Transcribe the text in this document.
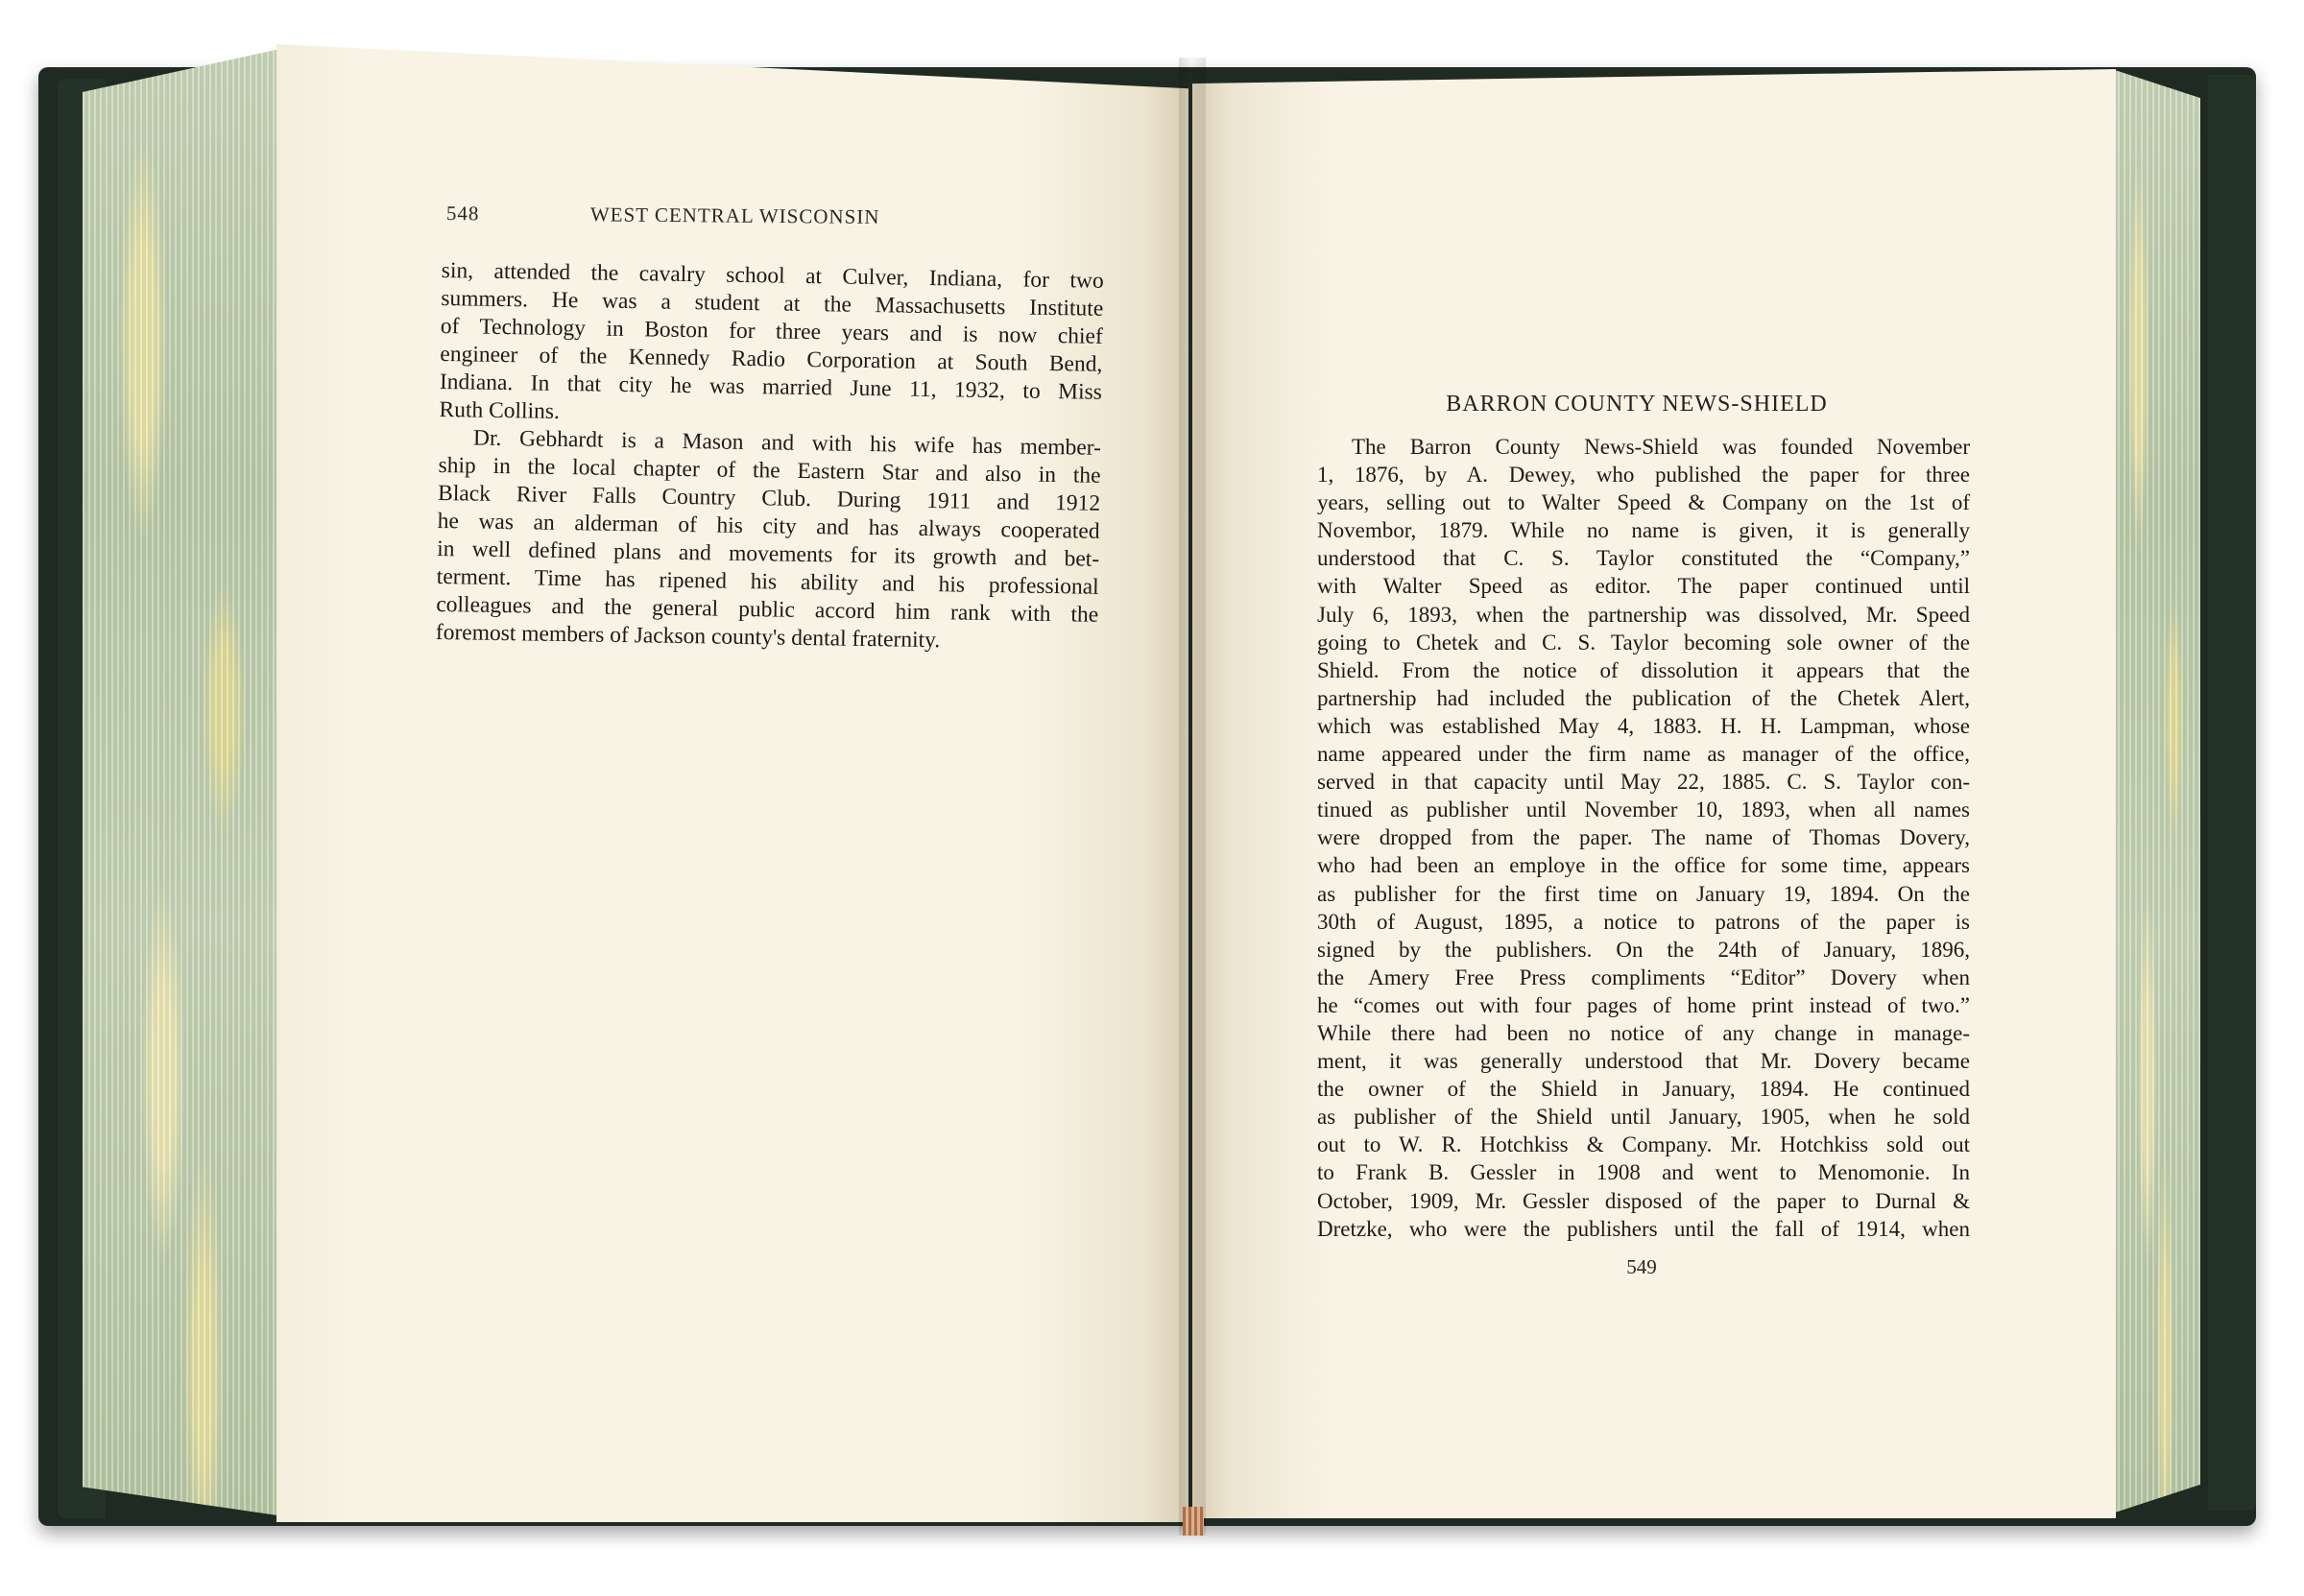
548	WEST CENTRAL WISCONSIN
sin, attended the cavalry school at Culver, Indiana, for two
summers. He was a student at the Massachusetts Institute
of Technology in Boston for three years and is now chief
engineer of the Kennedy Radio Corporation at South Bend,
Indiana. In that city he was married June 11, 1932, to Miss
Ruth Collins.
Dr. Gebhardt is a Mason and with his wife has member-
ship in the local chapter of the Eastern Star and also in the
Black River Falls Country Club. During 1911 and 1912
he was an alderman of his city and has always cooperated
in well defined plans and movements for its growth and bet-
terment. Time has ripened his ability and his professional
colleagues and the general public accord him rank with the
foremost members of Jackson county's dental fraternity.
BARRON COUNTY NEWS-SHIELD
The Barron County News-Shield was founded November
1, 1876, by A. Dewey, who published the paper for three
years, selling out to Walter Speed & Company on the 1st of
Novembor, 1879. While no name is given, it is generally
understood that C. S. Taylor constituted the “Company,”
with Walter Speed as editor. The paper continued until
July 6, 1893, when the partnership was dissolved, Mr. Speed
going to Chetek and C. S. Taylor becoming sole owner of the
Shield. From the notice of dissolution it appears that the
partnership had included the publication of the Chetek Alert,
which was established May 4, 1883. H. H. Lampman, whose
name appeared under the firm name as manager of the office,
served in that capacity until May 22, 1885. C. S. Taylor con-
tinued as publisher until November 10, 1893, when all names
were dropped from the paper. The name of Thomas Dovery,
who had been an employe in the office for some time, appears
as publisher for the first time on January 19, 1894. On the
30th of August, 1895, a notice to patrons of the paper is
signed by the publishers. On the 24th of January, 1896,
the Amery Free Press compliments “Editor” Dovery when
he “comes out with four pages of home print instead of two.”
While there had been no notice of any change in manage-
ment, it was generally understood that Mr. Dovery became
the owner of the Shield in January, 1894. He continued
as publisher of the Shield until January, 1905, when he sold
out to W. R. Hotchkiss & Company. Mr. Hotchkiss sold out
to Frank B. Gessler in 1908 and went to Menomonie. In
October, 1909, Mr. Gessler disposed of the paper to Durnal &
Dretzke, who were the publishers until the fall of 1914, when
549
